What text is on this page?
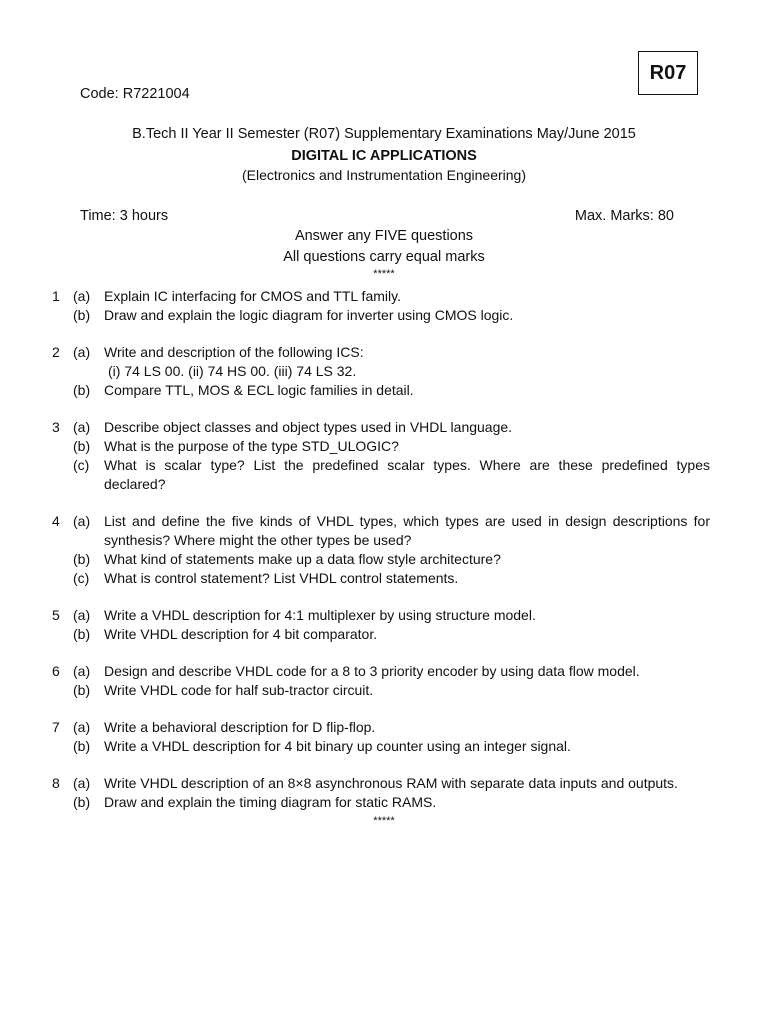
R07
Code: R7221004
B.Tech II Year II Semester (R07) Supplementary Examinations May/June 2015
DIGITAL IC APPLICATIONS
(Electronics and Instrumentation Engineering)
Time: 3 hours	Max. Marks: 80
Answer any FIVE questions
All questions carry equal marks
*****
1 (a) Explain IC interfacing for CMOS and TTL family.
(b) Draw and explain the logic diagram for inverter using CMOS logic.
2 (a) Write and description of the following ICS:
(i) 74 LS 00. (ii) 74 HS 00. (iii) 74 LS 32.
(b) Compare TTL, MOS & ECL logic families in detail.
3 (a) Describe object classes and object types used in VHDL language.
(b) What is the purpose of the type STD_ULOGIC?
(c) What is scalar type? List the predefined scalar types. Where are these predefined types declared?
4 (a) List and define the five kinds of VHDL types, which types are used in design descriptions for synthesis? Where might the other types be used?
(b) What kind of statements make up a data flow style architecture?
(c) What is control statement? List VHDL control statements.
5 (a) Write a VHDL description for 4:1 multiplexer by using structure model.
(b) Write VHDL description for 4 bit comparator.
6 (a) Design and describe VHDL code for a 8 to 3 priority encoder by using data flow model.
(b) Write VHDL code for half sub-tractor circuit.
7 (a) Write a behavioral description for D flip-flop.
(b) Write a VHDL description for 4 bit binary up counter using an integer signal.
8 (a) Write VHDL description of an 8×8 asynchronous RAM with separate data inputs and outputs.
(b) Draw and explain the timing diagram for static RAMS.
*****
